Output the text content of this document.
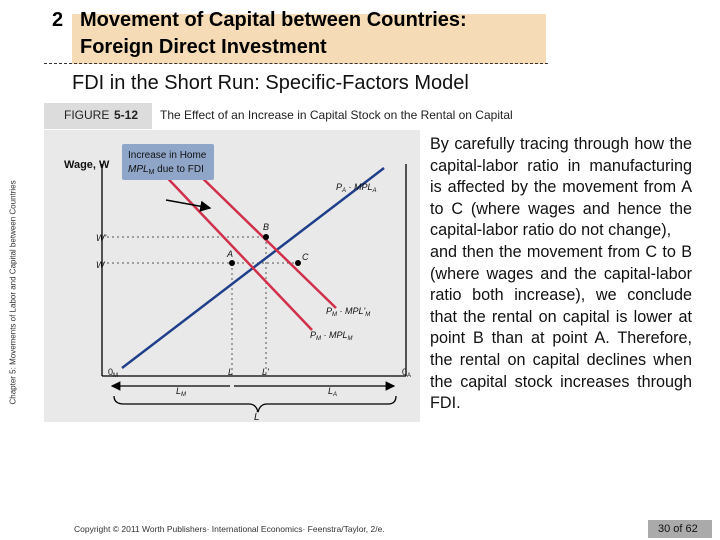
2 Movement of Capital between Countries:
Foreign Direct Investment
FDI in the Short Run: Specific-Factors Model
Chapter 5: Movements of Labor and Capital between Countries
FIGURE 5-12 The Effect of an Increase in Capital Stock on the Rental on Capital
Increase in Home
$MPL_M$ due to FDI
Wage, W
$P_A \cdot MPL_A$
$P_M \cdot MPL'_M$
$P_M \cdot MPL_M$
W'
W
A
B
C
$0_M$	$0_A$
L	L'
$L_M$	$L_A$
L̄

By carefully tracing through how the capital-labor ratio in manufacturing is affected by the movement from A to C (where wages and hence the capital-labor ratio do not change),

and then the movement from C to B (where wages and the capital-labor ratio both increase), we conclude that the rental on capital is lower at point B than at point A. Therefore, the rental on capital declines when the capital stock increases through FDI.

Copyright © 2011 Worth Publishers· International Economics· Feenstra/Taylor, 2/e.	30 of 62
